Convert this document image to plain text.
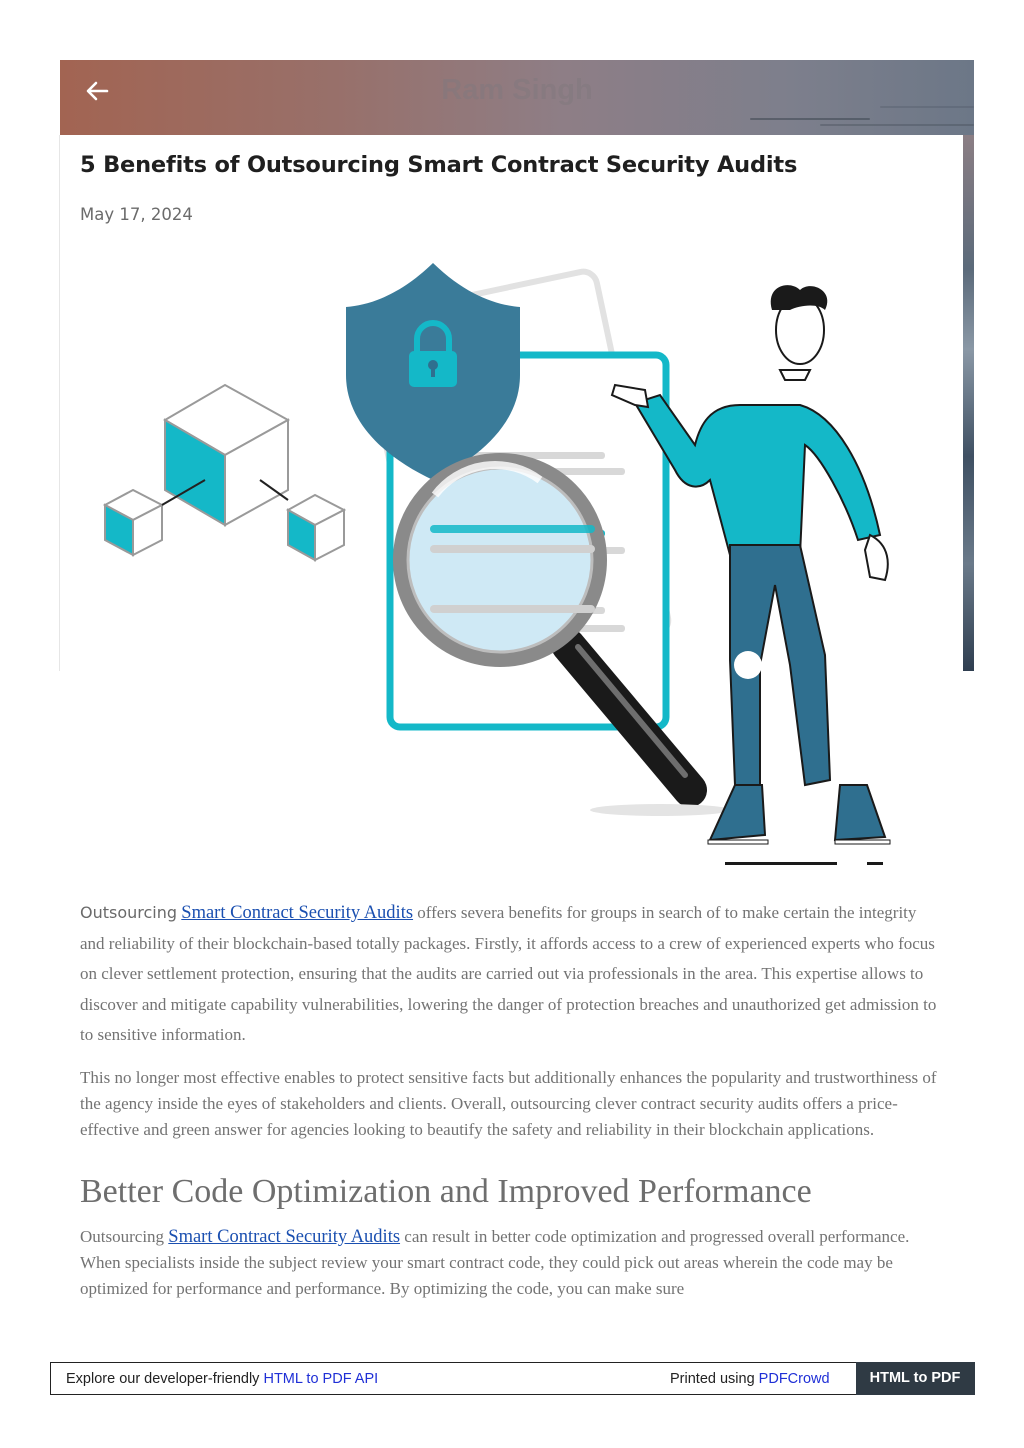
Ram Singh
5 Benefits of Outsourcing Smart Contract Security Audits
May 17, 2024

Outsourcing Smart Contract Security Audits offers severa benefits for groups in search of to make certain the integrity and reliability of their blockchain-based totally packages. Firstly, it affords access to a crew of experienced experts who focus on clever settlement protection, ensuring that the audits are carried out via professionals in the area. This expertise allows to discover and mitigate capability vulnerabilities, lowering the danger of protection breaches and unauthorized get admission to to sensitive information.

This no longer most effective enables to protect sensitive facts but additionally enhances the popularity and trustworthiness of the agency inside the eyes of stakeholders and clients. Overall, outsourcing clever contract security audits offers a price-effective and green answer for agencies looking to beautify the safety and reliability in their blockchain applications.

Better Code Optimization and Improved Performance

Outsourcing Smart Contract Security Audits can result in better code optimization and progressed overall performance. When specialists inside the subject review your smart contract code, they could pick out areas wherein the code may be optimized for performance and performance. By optimizing the code, you can make sure

Explore our developer-friendly HTML to PDF API	Printed using PDFCrowd	HTML to PDF
